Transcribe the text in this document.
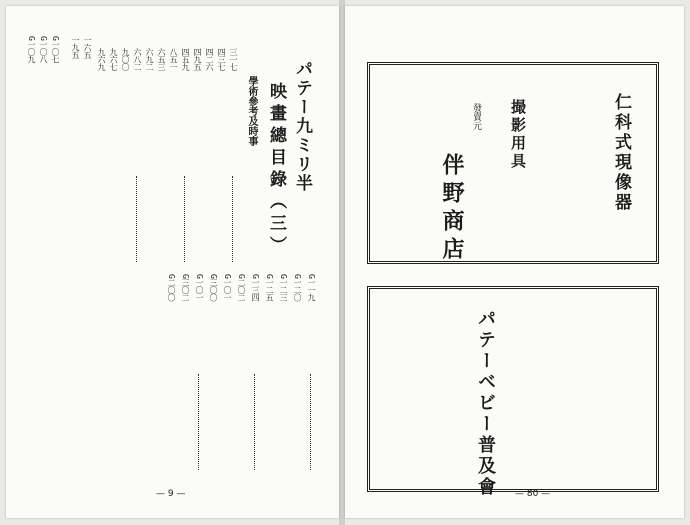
パテー九ミリ半
映畫總目錄（三）
學術參考及時事
三一七
四三七
四二六
四九五
四五九
八五一
六五三
六九二
六八二
九〇〇
九六七
九六九
G一〇七
G一〇八
G一〇九	一九五 一六五
G一一九
G一二〇
G一二三
G一二五
G一三四
G二〇二
G一〇一
G三〇〇
G一〇一
G三〇二
G二〇〇
— 9 —
仁科式現像器
撮影用具
發賣元
伴野商店
パテーベビー普及會 — 80 —
